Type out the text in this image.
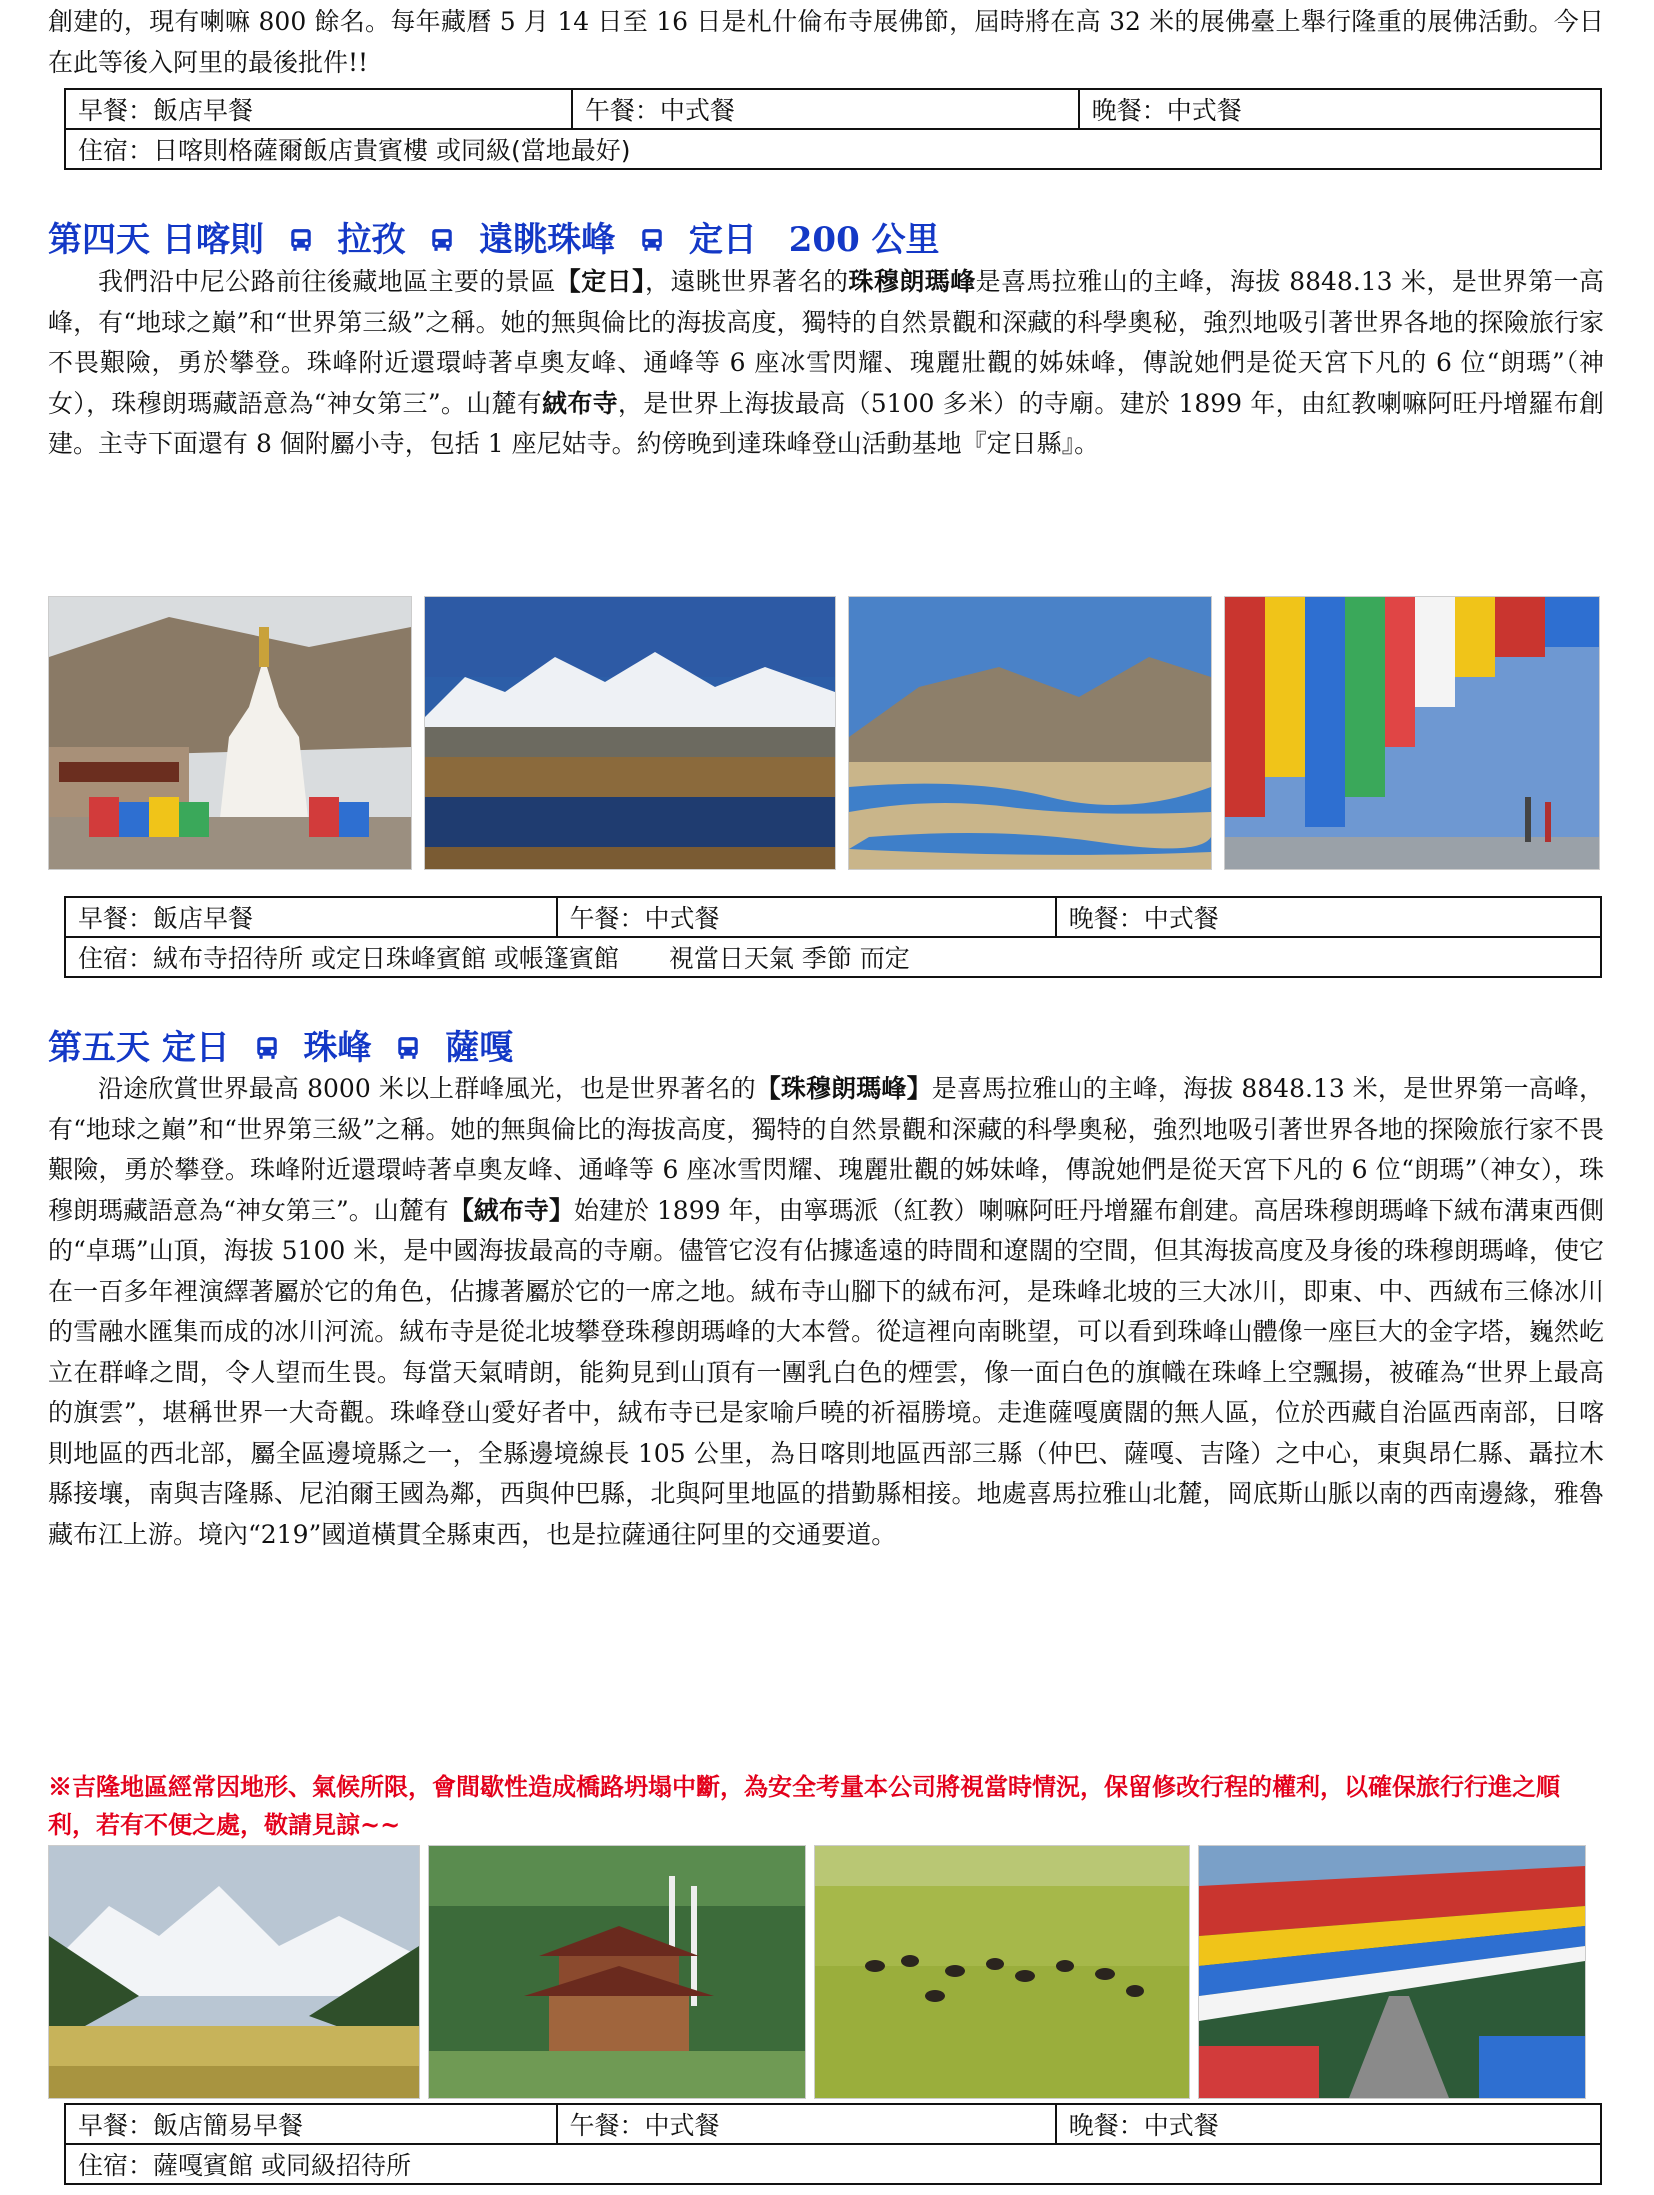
創建的，現有喇嘛 800 餘名。每年藏曆 5 月 14 日至 16 日是札什倫布寺展佛節，屆時將在高 32 米的展佛臺上舉行隆重的展佛活動。今日在此等後入阿里的最後批件!!

早餐：飯店早餐	午餐：中式餐	晚餐：中式餐
住宿：日喀則格薩爾飯店貴賓樓 或同級(當地最好)
第四天 日喀則 拉孜 遠眺珠峰 定日 200 公里

我們沿中尼公路前往後藏地區主要的景區【定日】，遠眺世界著名的珠穆朗瑪峰是喜馬拉雅山的主峰，海拔 8848.13 米，是世界第一高峰，有“地球之巔”和“世界第三級”之稱。她的無與倫比的海拔高度，獨特的自然景觀和深藏的科學奧秘，強烈地吸引著世界各地的探險旅行家不畏艱險，勇於攀登。珠峰附近還環峙著卓奧友峰、通峰等 6 座冰雪閃耀、瑰麗壯觀的姊妹峰，傳說她們是從天宮下凡的 6 位“朗瑪”（神女），珠穆朗瑪藏語意為“神女第三”。山麓有絨布寺，是世界上海拔最高（5100 多米）的寺廟。建於 1899 年，由紅教喇嘛阿旺丹增羅布創建。主寺下面還有 8 個附屬小寺，包括 1 座尼姑寺。約傍晚到達珠峰登山活動基地『定日縣』。

早餐：飯店早餐	午餐：中式餐	晚餐：中式餐
住宿：絨布寺招待所 或定日珠峰賓館 或帳篷賓館　　視當日天氣 季節 而定
第五天 定日 珠峰 薩嘎

沿途欣賞世界最高 8000 米以上群峰風光，也是世界著名的【珠穆朗瑪峰】是喜馬拉雅山的主峰，海拔 8848.13 米，是世界第一高峰，有“地球之巔”和“世界第三級”之稱。她的無與倫比的海拔高度，獨特的自然景觀和深藏的科學奧秘，強烈地吸引著世界各地的探險旅行家不畏艱險，勇於攀登。珠峰附近還環峙著卓奧友峰、通峰等 6 座冰雪閃耀、瑰麗壯觀的姊妹峰，傳說她們是從天宮下凡的 6 位“朗瑪”（神女），珠穆朗瑪藏語意為“神女第三”。山麓有【絨布寺】始建於 1899 年，由寧瑪派（紅教）喇嘛阿旺丹增羅布創建。高居珠穆朗瑪峰下絨布溝東西側的“卓瑪”山頂，海拔 5100 米，是中國海拔最高的寺廟。儘管它沒有佔據遙遠的時間和遼闊的空間，但其海拔高度及身後的珠穆朗瑪峰，使它在一百多年裡演繹著屬於它的角色，佔據著屬於它的一席之地。絨布寺山腳下的絨布河，是珠峰北坡的三大冰川，即東、中、西絨布三條冰川的雪融水匯集而成的冰川河流。絨布寺是從北坡攀登珠穆朗瑪峰的大本營。從這裡向南眺望，可以看到珠峰山體像一座巨大的金字塔，巍然屹立在群峰之間，令人望而生畏。每當天氣晴朗，能夠見到山頂有一團乳白色的煙雲，像一面白色的旗幟在珠峰上空飄揚，被確為“世界上最高的旗雲”，堪稱世界一大奇觀。珠峰登山愛好者中，絨布寺已是家喻戶曉的祈福勝境。走進薩嘎廣闊的無人區，位於西藏自治區西南部，日喀則地區的西北部，屬全區邊境縣之一，全縣邊境線長 105 公里，為日喀則地區西部三縣（仲巴、薩嘎、吉隆）之中心，東與昂仁縣、聶拉木縣接壤，南與吉隆縣、尼泊爾王國為鄰，西與仲巴縣，北與阿里地區的措勤縣相接。地處喜馬拉雅山北麓，岡底斯山脈以南的西南邊緣，雅魯藏布江上游。境內“219”國道橫貫全縣東西，也是拉薩通往阿里的交通要道。

※吉隆地區經常因地形、氣候所限，會間歇性造成橋路坍塌中斷，為安全考量本公司將視當時情況，保留修改行程的權利，以確保旅行行進之順利，若有不便之處，敬請見諒~~

早餐：飯店簡易早餐	午餐：中式餐	晚餐：中式餐
住宿：薩嘎賓館 或同級招待所
